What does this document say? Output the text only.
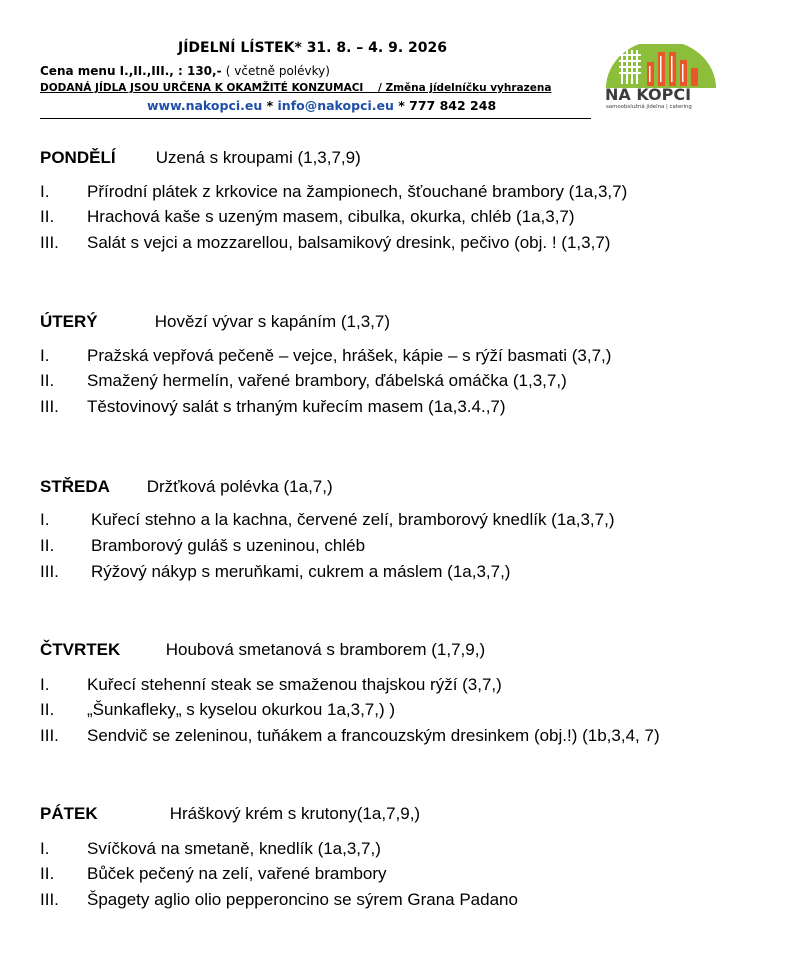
JÍDELNÍ LÍSTEK* 31. 8. – 4. 9. 2026
Cena menu I.,II.,III., : 130,- ( včetně polévky)
DODANÁ JÍDLA JSOU URČENA K OKAMŽITÉ KONZUMACI / Změna jídelníčku vyhrazena
www.nakopci.eu * info@nakopci.eu * 777 842 248
NA KOPCI
samoobslužná jídelna | catering
PONDĚLÍ Uzená s kroupami (1,3,7,9)
I. Přírodní plátek z krkovice na žampionech, šťouchané brambory (1a,3,7)
II. Hrachová kaše s uzeným masem, cibulka, okurka, chléb (1a,3,7)
III. Salát s vejci a mozzarellou, balsamikový dresink, pečivo (obj. ! (1,3,7)
ÚTERÝ	Hovězí vývar s kapáním (1,3,7)
I. Pražská vepřová pečeně – vejce, hrášek, kápie – s rýží basmati (3,7,)
II. Smažený hermelín, vařené brambory, ďábelská omáčka (1,3,7,)
III. Těstovinový salát s trhaným kuřecím masem (1a,3.4.,7)
STŘEDA Držťková polévka (1a,7,)
I. Kuřecí stehno a la kachna, červené zelí, bramborový knedlík (1a,3,7,)
II. Bramborový guláš s uzeninou, chléb
III. Rýžový nákyp s meruňkami, cukrem a máslem (1a,3,7,)
ČTVRTEK	Houbová smetanová s bramborem (1,7,9,)
I. Kuřecí stehenní steak se smaženou thajskou rýží (3,7,)
II. „Šunkafleky„ s kyselou okurkou 1a,3,7,) )
III. Sendvič se zeleninou, tuňákem a francouzským dresinkem (obj.!) (1b,3,4, 7)
PÁTEK	Hráškový krém s krutony(1a,7,9,)
I. Svíčková na smetaně, knedlík (1a,3,7,)
II. Bůček pečený na zelí, vařené brambory
III. Špagety aglio olio pepperoncino se sýrem Grana Padano
